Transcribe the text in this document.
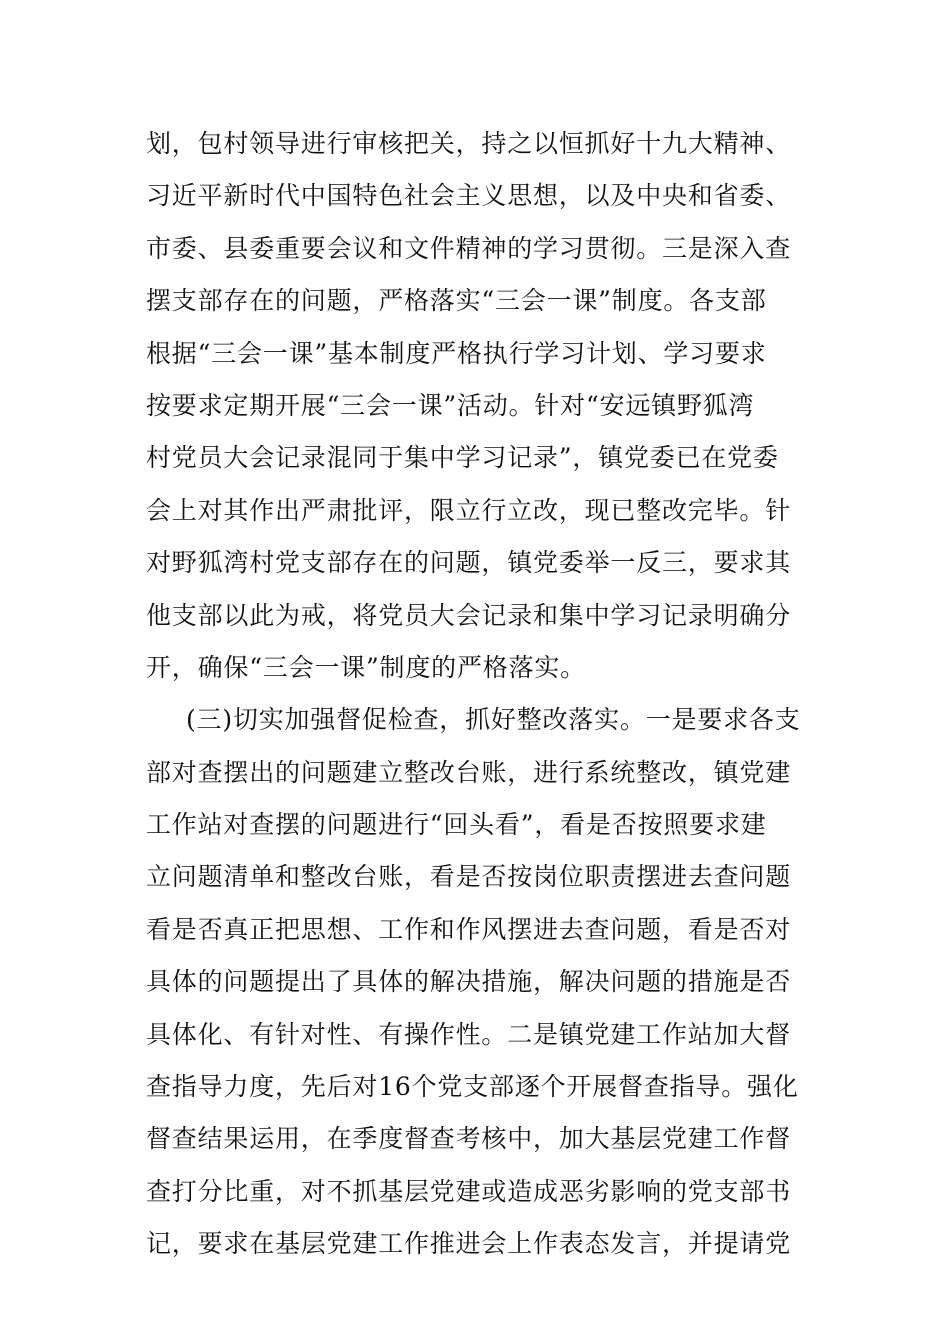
划，包村领导进行审核把关，持之以恒抓好十九大精神、
习近平新时代中国特色社会主义思想，以及中央和省委、
市委、县委重要会议和文件精神的学习贯彻。三是深入查
摆支部存在的问题，严格落实“三会一课”制度。各支部
根据“三会一课”基本制度严格执行学习计划、学习要求
按要求定期开展“三会一课”活动。针对“安远镇野狐湾
村党员大会记录混同于集中学习记录”，镇党委已在党委
会上对其作出严肃批评，限立行立改，现已整改完毕。针
对野狐湾村党支部存在的问题，镇党委举一反三，要求其
他支部以此为戒，将党员大会记录和集中学习记录明确分
开，确保“三会一课”制度的严格落实。
(三)切实加强督促检查，抓好整改落实。一是要求各支
部对查摆出的问题建立整改台账，进行系统整改，镇党建
工作站对查摆的问题进行“回头看”，看是否按照要求建
立问题清单和整改台账，看是否按岗位职责摆进去查问题
看是否真正把思想、工作和作风摆进去查问题，看是否对
具体的问题提出了具体的解决措施，解决问题的措施是否
具体化、有针对性、有操作性。二是镇党建工作站加大督
查指导力度，先后对16个党支部逐个开展督查指导。强化
督查结果运用，在季度督查考核中，加大基层党建工作督
查打分比重，对不抓基层党建或造成恶劣影响的党支部书
记，要求在基层党建工作推进会上作表态发言，并提请党
